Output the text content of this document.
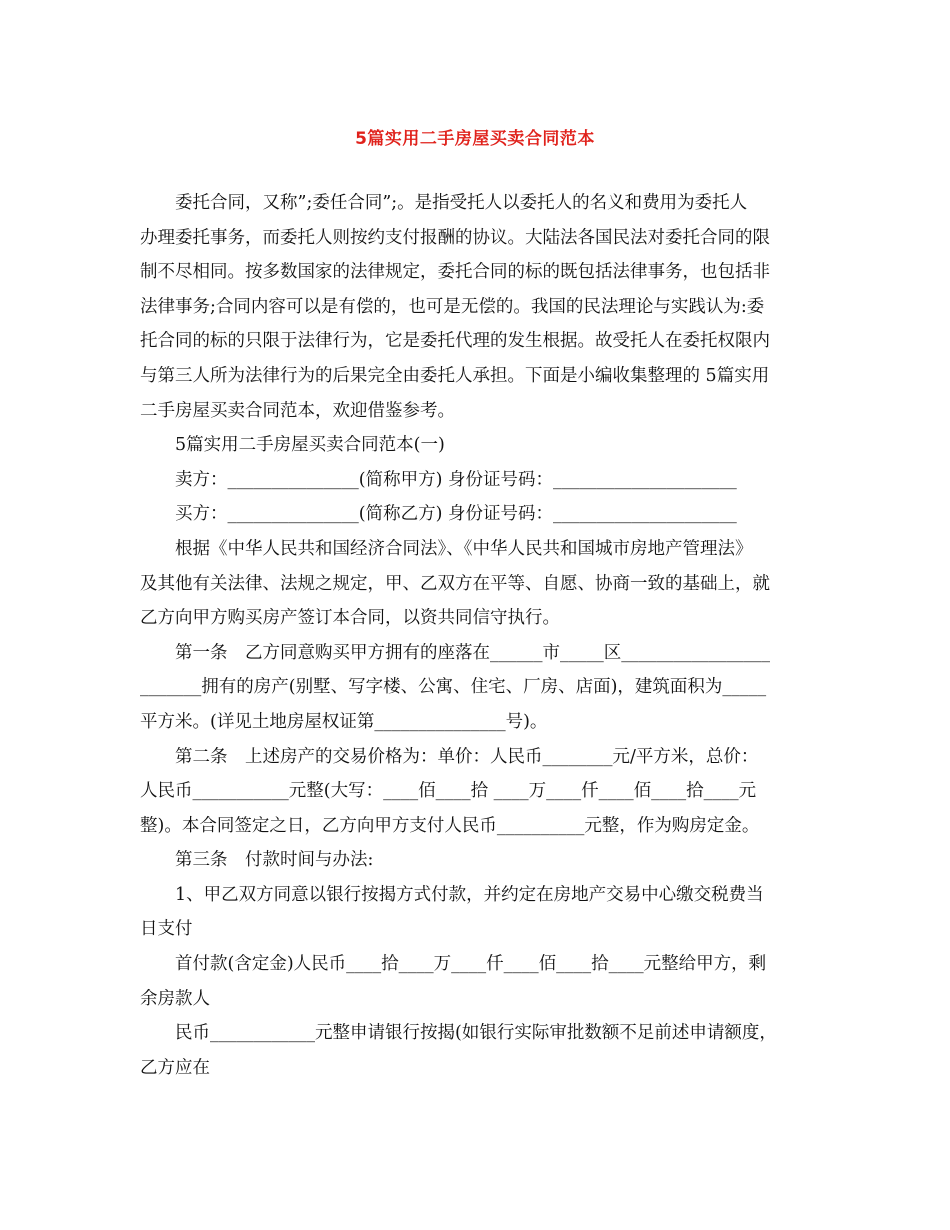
5篇实用二手房屋买卖合同范本
委托合同，又称”;委任合同”;。是指受托人以委托人的名义和费用为委托人
办理委托事务，而委托人则按约支付报酬的协议。大陆法各国民法对委托合同的限
制不尽相同。按多数国家的法律规定，委托合同的标的既包括法律事务，也包括非
法律事务;合同内容可以是有偿的，也可是无偿的。我国的民法理论与实践认为:委
托合同的标的只限于法律行为，它是委托代理的发生根据。故受托人在委托权限内
与第三人所为法律行为的后果完全由委托人承担。下面是小编收集整理的 5篇实用
二手房屋买卖合同范本，欢迎借鉴参考。
5篇实用二手房屋买卖合同范本(一)
卖方：_______________(简称甲方) 身份证号码：_____________________
买方：_______________(简称乙方) 身份证号码：_____________________
根据《中华人民共和国经济合同法》、《中华人民共和国城市房地产管理法》
及其他有关法律、法规之规定，甲、乙双方在平等、自愿、协商一致的基础上，就
乙方向甲方购买房产签订本合同，以资共同信守执行。
第一条　乙方同意购买甲方拥有的座落在______市_____区_________________
_______拥有的房产(别墅、写字楼、公寓、住宅、厂房、店面)，建筑面积为_____
平方米。(详见土地房屋权证第_______________号)。
第二条　上述房产的交易价格为：单价：人民币________元/平方米，总价：
人民币___________元整(大写：____佰____拾 ____万____仟____佰____拾____元
整)。本合同签定之日，乙方向甲方支付人民币__________元整，作为购房定金。
第三条　付款时间与办法:
1、甲乙双方同意以银行按揭方式付款，并约定在房地产交易中心缴交税费当
日支付
首付款(含定金)人民币____拾____万____仟____佰____拾____元整给甲方，剩
余房款人
民币____________元整申请银行按揭(如银行实际审批数额不足前述申请额度，
乙方应在
